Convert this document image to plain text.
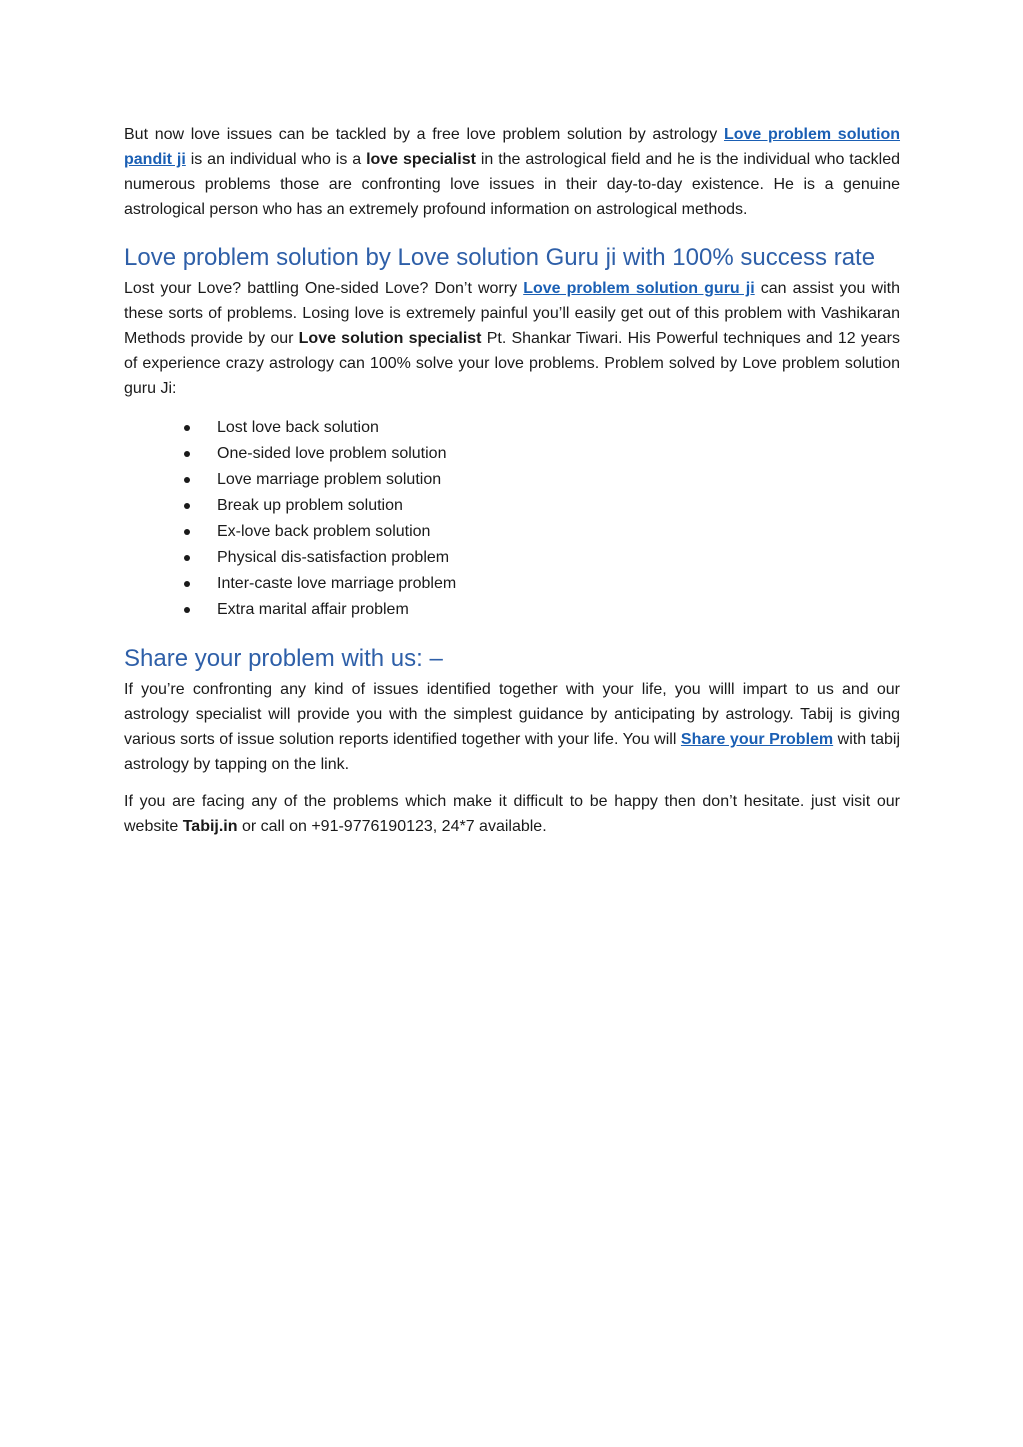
But now love issues can be tackled by a free love problem solution by astrology Love problem solution pandit ji is an individual who is a love specialist in the astrological field and he is the individual who tackled numerous problems those are confronting love issues in their day-to-day existence. He is a genuine astrological person who has an extremely profound information on astrological methods.

Love problem solution by Love solution Guru ji with 100% success rate

Lost your Love? battling One-sided Love? Don’t worry Love problem solution guru ji can assist you with these sorts of problems. Losing love is extremely painful you’ll easily get out of this problem with Vashikaran Methods provide by our Love solution specialist Pt. Shankar Tiwari. His Powerful techniques and 12 years of experience crazy astrology can 100% solve your love problems. Problem solved by Love problem solution guru Ji:

Lost love back solution
One-sided love problem solution
Love marriage problem solution
Break up problem solution
Ex-love back problem solution
Physical dis-satisfaction problem
Inter-caste love marriage problem
Extra marital affair problem
Share your problem with us: –

If you’re confronting any kind of issues identified together with your life, you willl impart to us and our astrology specialist will provide you with the simplest guidance by anticipating by astrology. Tabij is giving various sorts of issue solution reports identified together with your life. You will Share your Problem with tabij astrology by tapping on the link.

If you are facing any of the problems which make it difficult to be happy then don’t hesitate. just visit our website Tabij.in or call on +91-9776190123, 24*7 available.
